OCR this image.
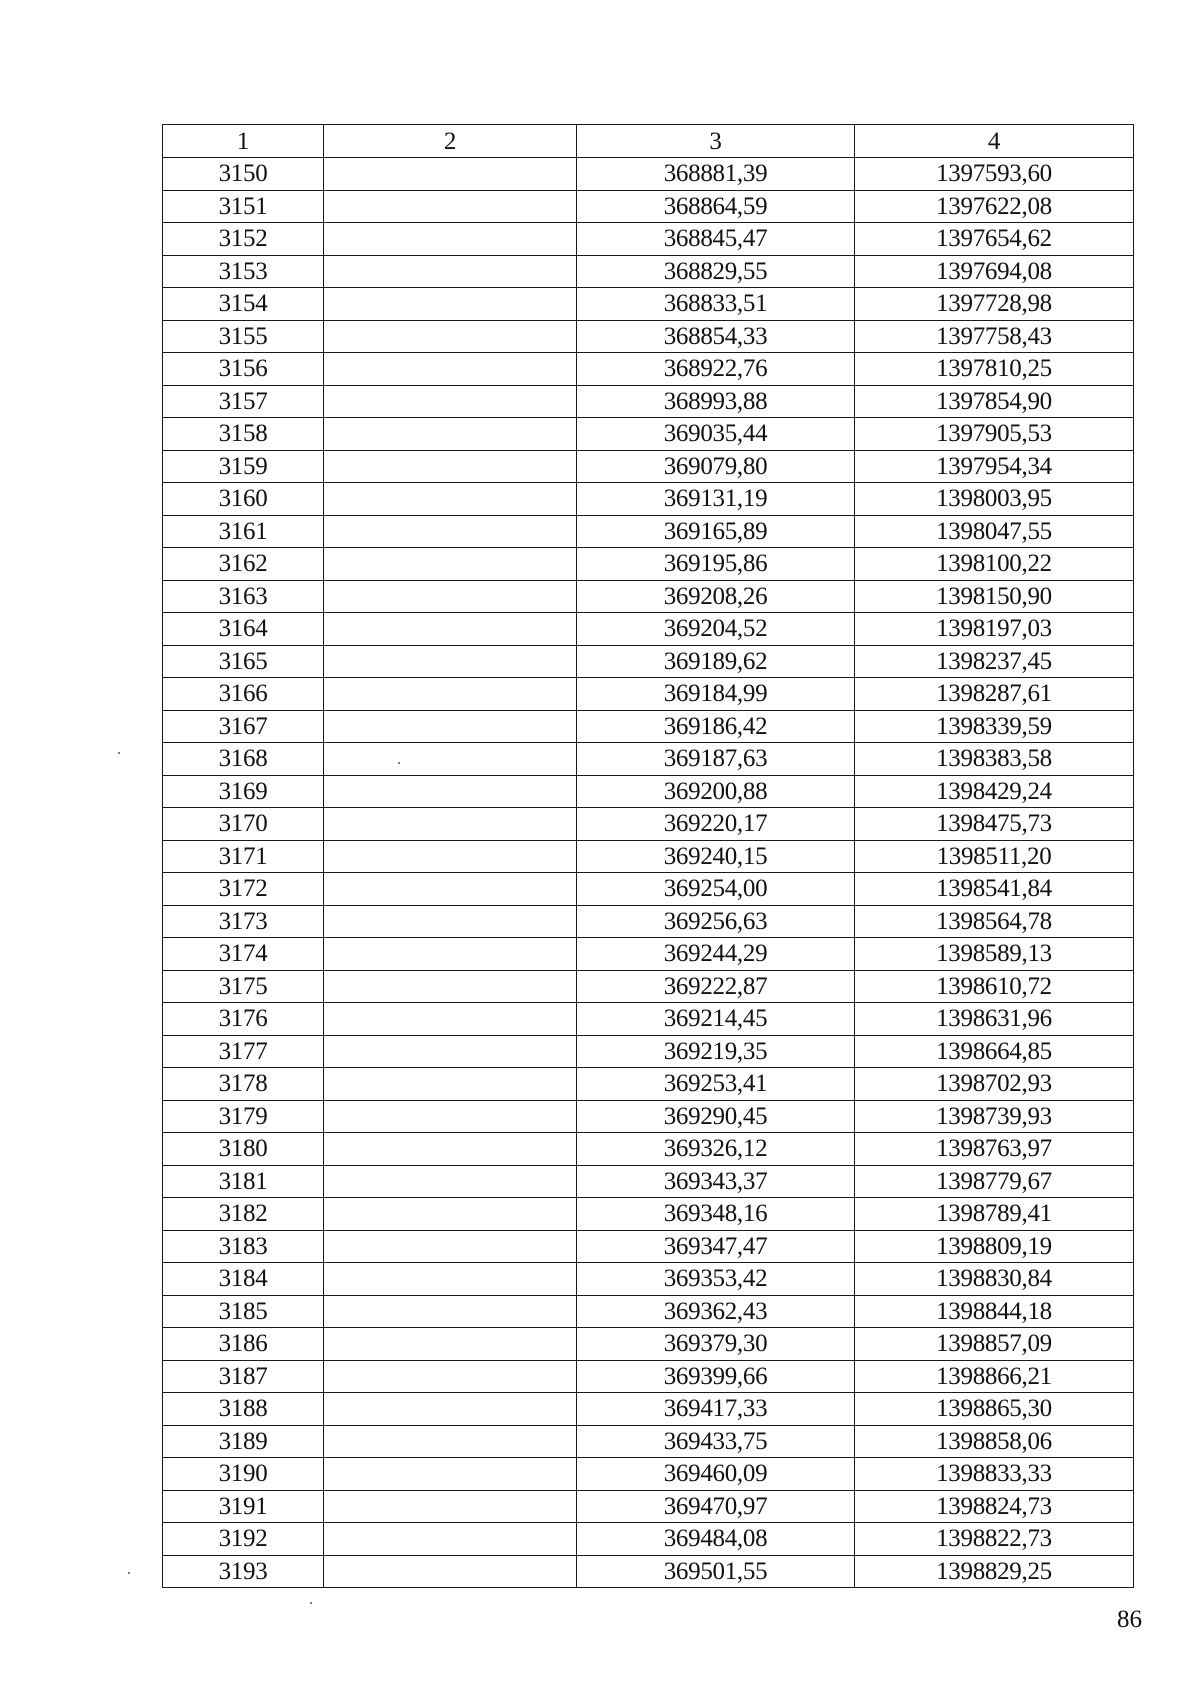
1	2	3	4
3150		368881,39	1397593,60
3151		368864,59	1397622,08
3152		368845,47	1397654,62
3153		368829,55	1397694,08
3154		368833,51	1397728,98
3155		368854,33	1397758,43
3156		368922,76	1397810,25
3157		368993,88	1397854,90
3158		369035,44	1397905,53
3159		369079,80	1397954,34
3160		369131,19	1398003,95
3161		369165,89	1398047,55
3162		369195,86	1398100,22
3163		369208,26	1398150,90
3164		369204,52	1398197,03
3165		369189,62	1398237,45
3166		369184,99	1398287,61
3167		369186,42	1398339,59
3168		369187,63	1398383,58
3169		369200,88	1398429,24
3170		369220,17	1398475,73
3171		369240,15	1398511,20
3172		369254,00	1398541,84
3173		369256,63	1398564,78
3174		369244,29	1398589,13
3175		369222,87	1398610,72
3176		369214,45	1398631,96
3177		369219,35	1398664,85
3178		369253,41	1398702,93
3179		369290,45	1398739,93
3180		369326,12	1398763,97
3181		369343,37	1398779,67
3182		369348,16	1398789,41
3183		369347,47	1398809,19
3184		369353,42	1398830,84
3185		369362,43	1398844,18
3186		369379,30	1398857,09
3187		369399,66	1398866,21
3188		369417,33	1398865,30
3189		369433,75	1398858,06
3190		369460,09	1398833,33
3191		369470,97	1398824,73
3192		369484,08	1398822,73
3193		369501,55	1398829,25
86
